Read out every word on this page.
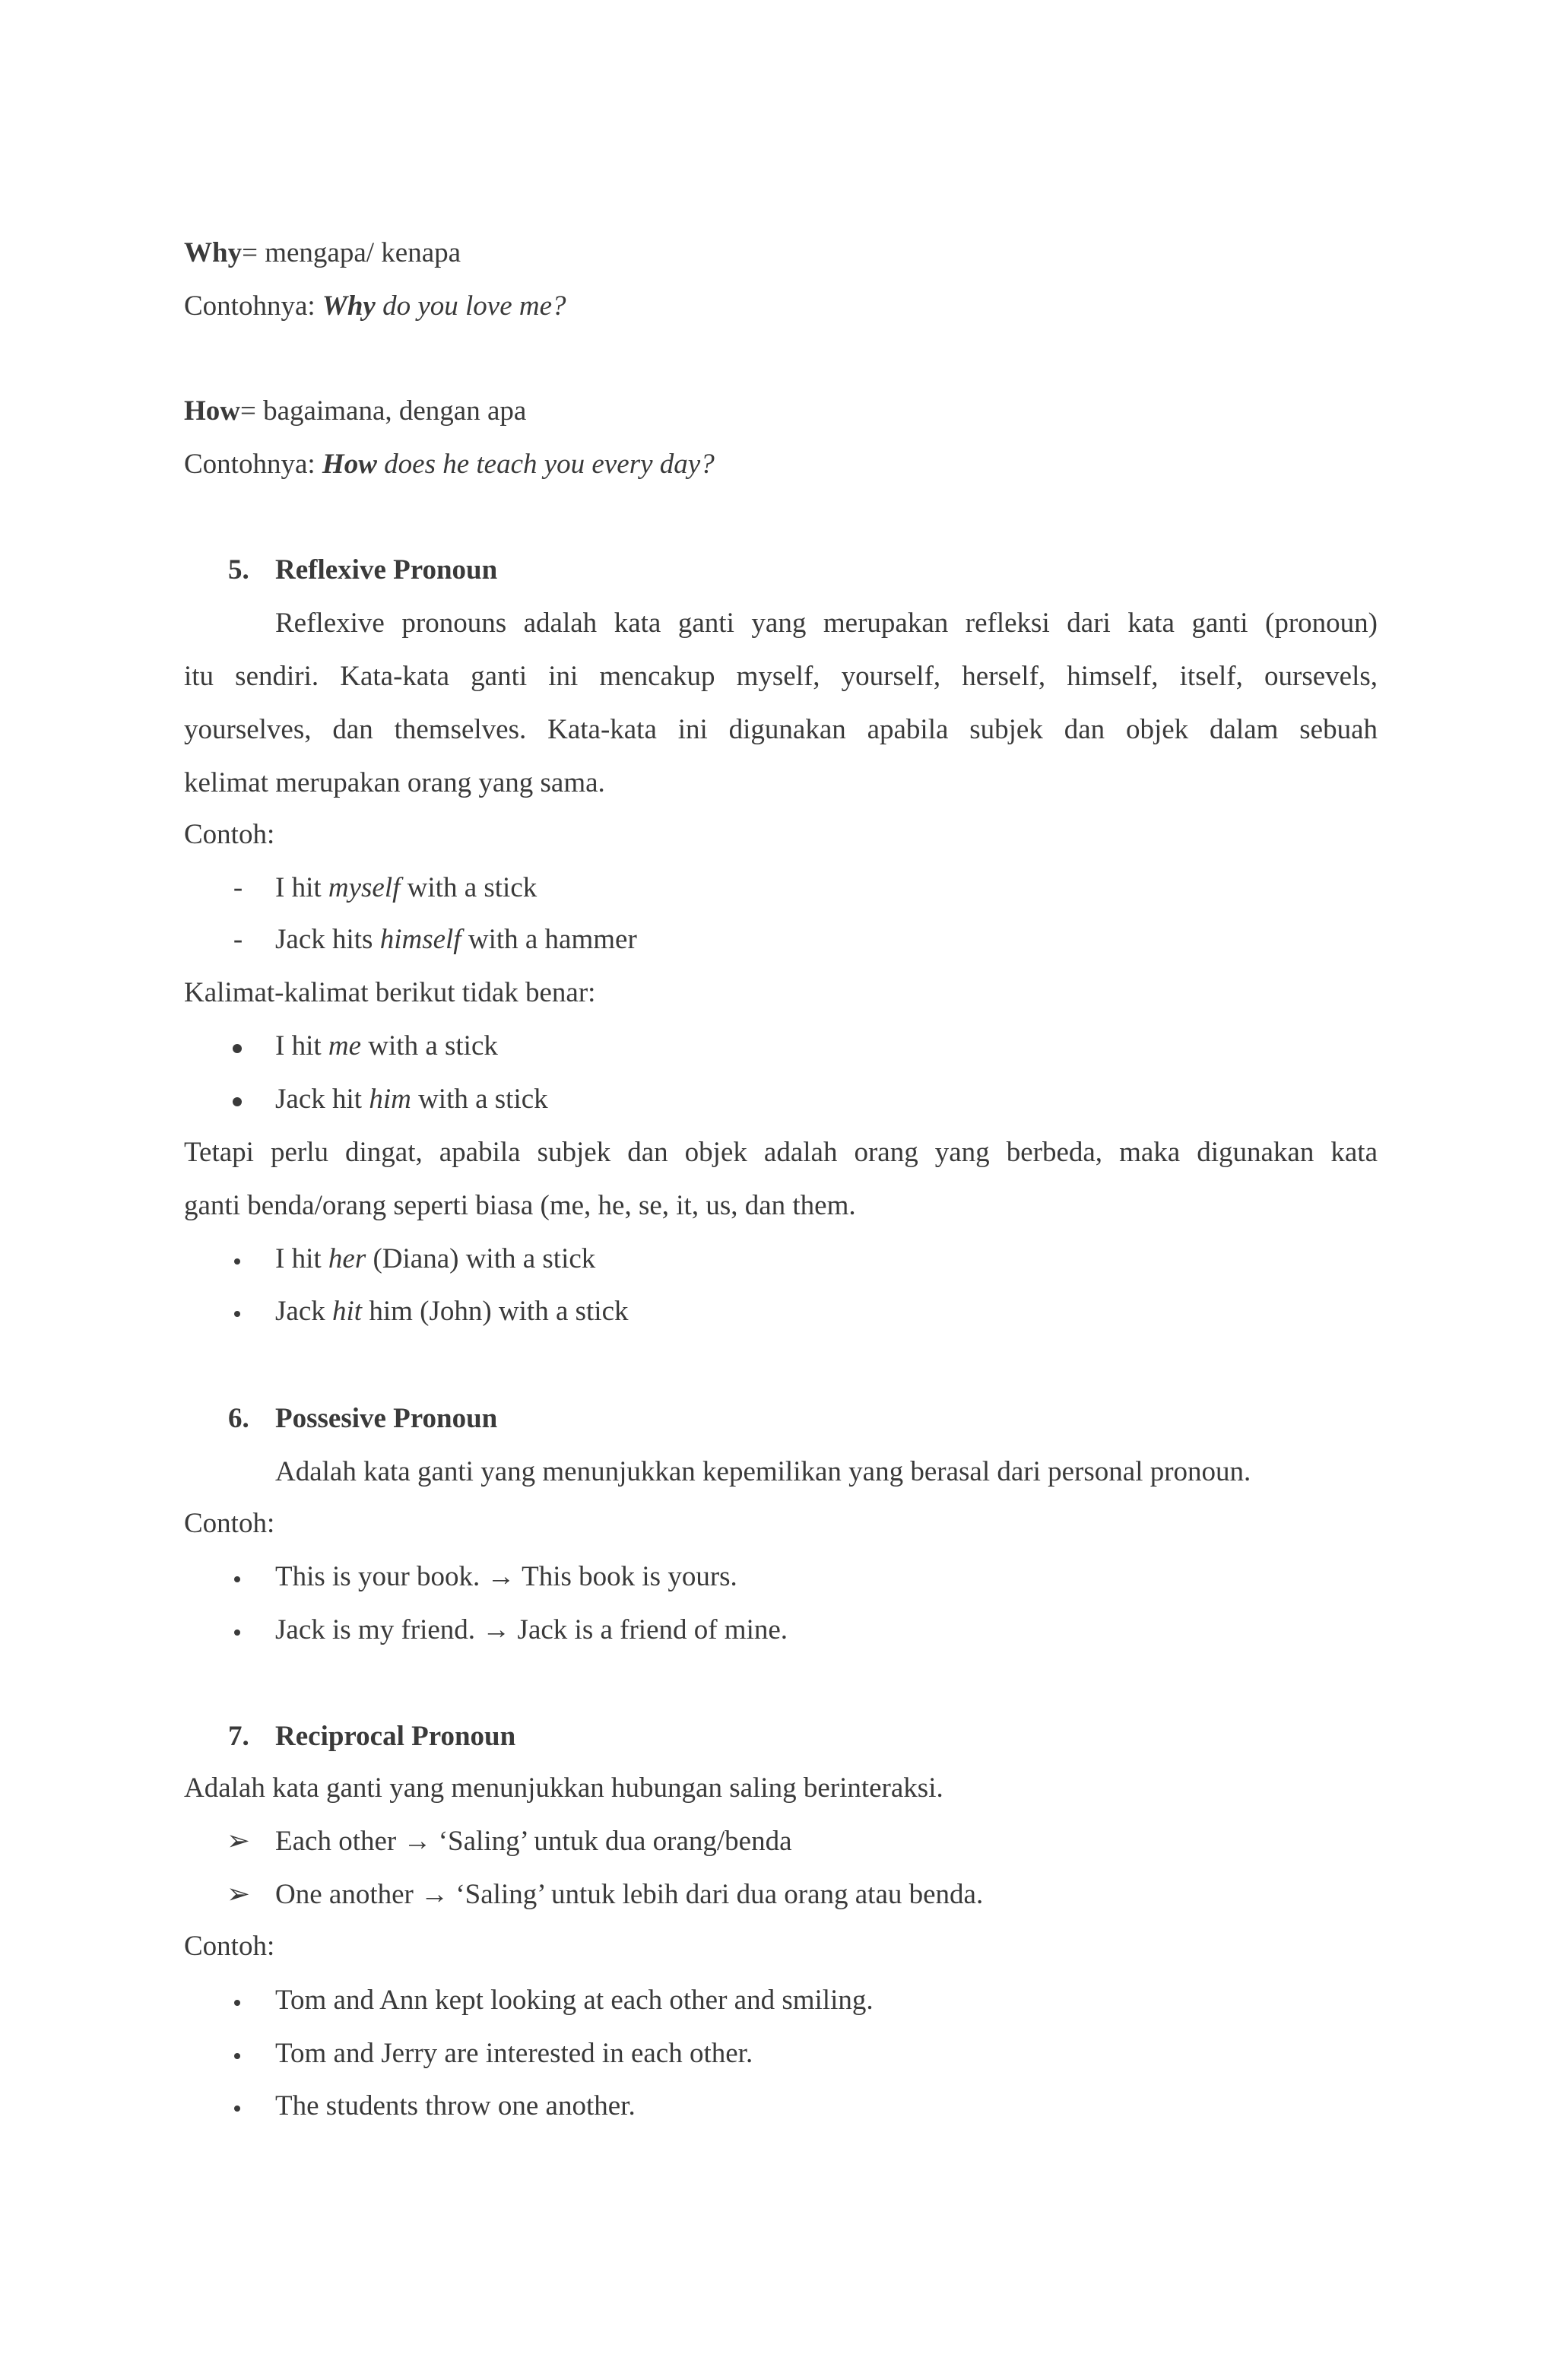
Why= mengapa/ kenapa
Contohnya: Why do you love me?
How= bagaimana, dengan apa
Contohnya: How does he teach you every day?
5. Reflexive Pronoun
Reflexive pronouns adalah kata ganti yang merupakan refleksi dari kata ganti (pronoun)
itu sendiri. Kata-kata ganti ini mencakup myself, yourself, herself, himself, itself, oursevels,
yourselves, dan themselves. Kata-kata ini digunakan apabila subjek dan objek dalam sebuah
kelimat merupakan orang yang sama.
Contoh:
- I hit myself with a stick
- Jack hits himself with a hammer
Kalimat-kalimat berikut tidak benar:
I hit me with a stick
Jack hit him with a stick
Tetapi perlu dingat, apabila subjek dan objek adalah orang yang berbeda, maka digunakan kata
ganti benda/orang seperti biasa (me, he, se, it, us, dan them.
I hit her (Diana) with a stick
Jack hit him (John) with a stick
6. Possesive Pronoun
Adalah kata ganti yang menunjukkan kepemilikan yang berasal dari personal pronoun.
Contoh:
This is your book. → This book is yours.
Jack is my friend. → Jack is a friend of mine.
7. Reciprocal Pronoun
Adalah kata ganti yang menunjukkan hubungan saling berinteraksi.
➢ Each other → ‘Saling’ untuk dua orang/benda
➢ One another → ‘Saling’ untuk lebih dari dua orang atau benda.
Contoh:
Tom and Ann kept looking at each other and smiling.
Tom and Jerry are interested in each other.
The students throw one another.
